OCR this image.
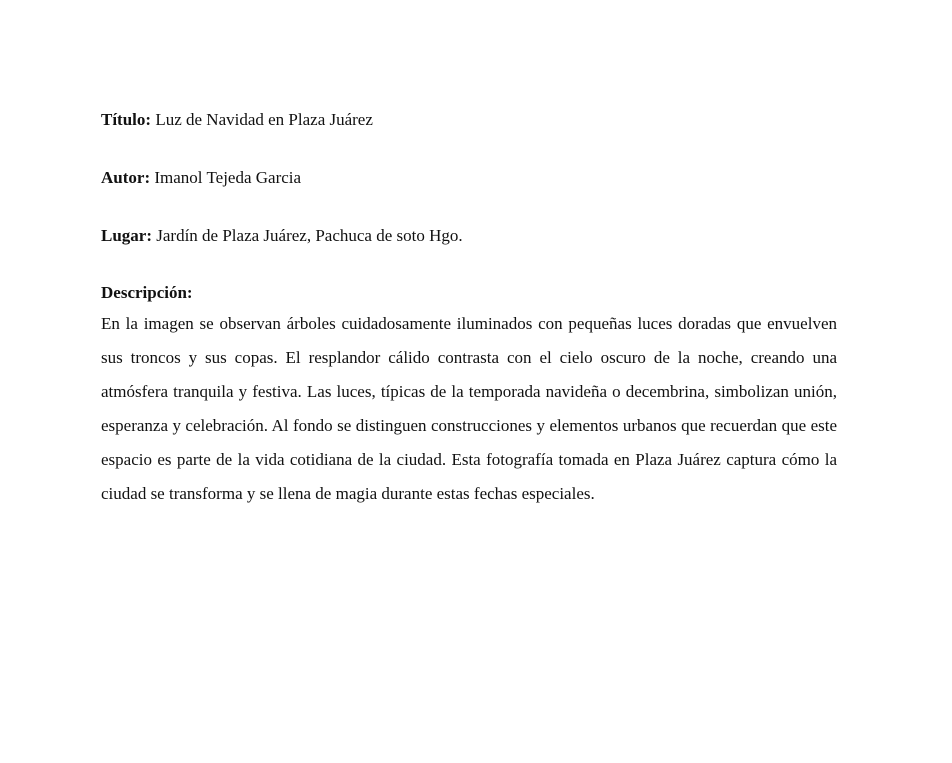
Título: Luz de Navidad en Plaza Juárez

Autor: Imanol Tejeda Garcia

Lugar: Jardín de Plaza Juárez, Pachuca de soto Hgo.

Descripción:

En la imagen se observan árboles cuidadosamente iluminados con pequeñas luces doradas que envuelven sus troncos y sus copas. El resplandor cálido contrasta con el cielo oscuro de la noche, creando una atmósfera tranquila y festiva. Las luces, típicas de la temporada navideña o decembrina, simbolizan unión, esperanza y celebración. Al fondo se distinguen construcciones y elementos urbanos que recuerdan que este espacio es parte de la vida cotidiana de la ciudad. Esta fotografía tomada en Plaza Juárez captura cómo la ciudad se transforma y se llena de magia durante estas fechas especiales.
